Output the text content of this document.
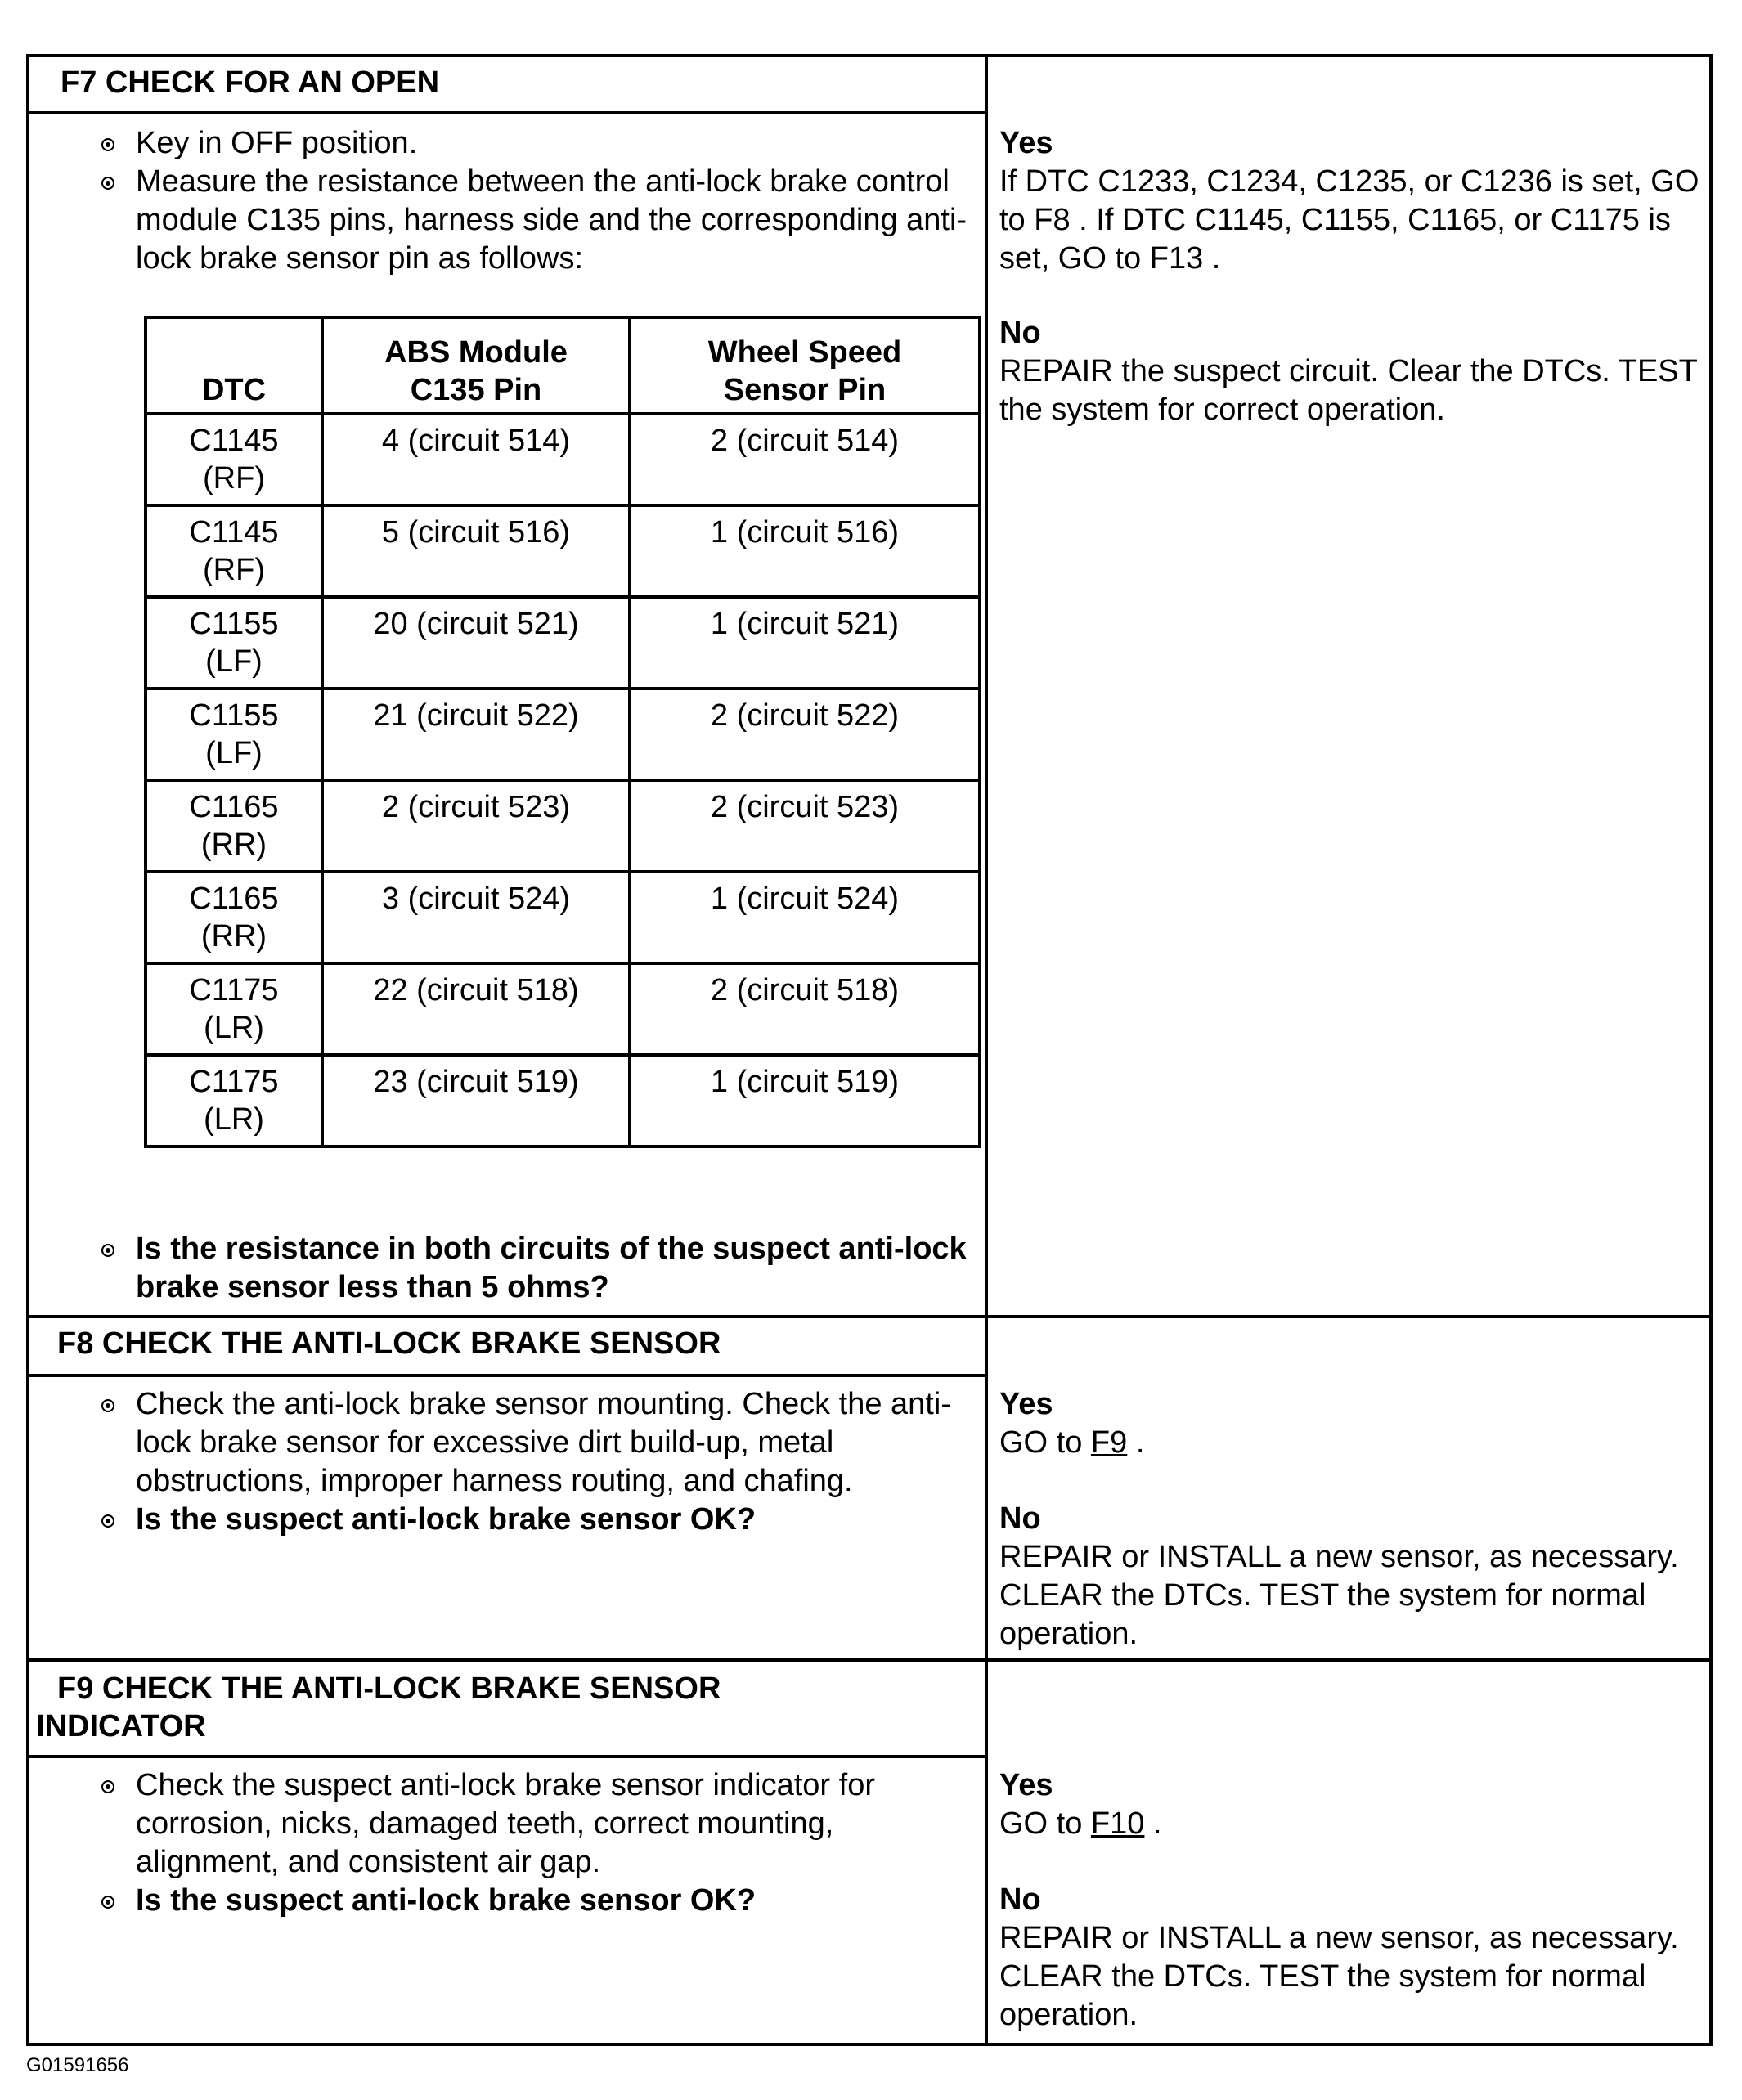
F7 CHECK FOR AN OPEN
Key in OFF position.
Measure the resistance between the anti-lock brake control module C135 pins, harness side and the corresponding anti-lock brake sensor pin as follows:
DTC	ABS Module C135 Pin	Wheel Speed Sensor Pin
C1145 (RF)	4 (circuit 514)	2 (circuit 514)
C1145 (RF)	5 (circuit 516)	1 (circuit 516)
C1155 (LF)	20 (circuit 521)	1 (circuit 521)
C1155 (LF)	21 (circuit 522)	2 (circuit 522)
C1165 (RR)	2 (circuit 523)	2 (circuit 523)
C1165 (RR)	3 (circuit 524)	1 (circuit 524)
C1175 (LR)	22 (circuit 518)	2 (circuit 518)
C1175 (LR)	23 (circuit 519)	1 (circuit 519)
Is the resistance in both circuits of the suspect anti-lock brake sensor less than 5 ohms?
Yes
If DTC C1233, C1234, C1235, or C1236 is set, GO to F8 . If DTC C1145, C1155, C1165, or C1175 is set, GO to F13 .
No
REPAIR the suspect circuit. Clear the DTCs. TEST the system for correct operation.
F8 CHECK THE ANTI-LOCK BRAKE SENSOR
Check the anti-lock brake sensor mounting. Check the anti-lock brake sensor for excessive dirt build-up, metal obstructions, improper harness routing, and chafing.
Is the suspect anti-lock brake sensor OK?
Yes
GO to F9 .
No
REPAIR or INSTALL a new sensor, as necessary. CLEAR the DTCs. TEST the system for normal operation.
F9 CHECK THE ANTI-LOCK BRAKE SENSOR
INDICATOR
Check the suspect anti-lock brake sensor indicator for corrosion, nicks, damaged teeth, correct mounting, alignment, and consistent air gap.
Is the suspect anti-lock brake sensor OK?
Yes
GO to F10 .
No
REPAIR or INSTALL a new sensor, as necessary. CLEAR the DTCs. TEST the system for normal operation.
G01591656
